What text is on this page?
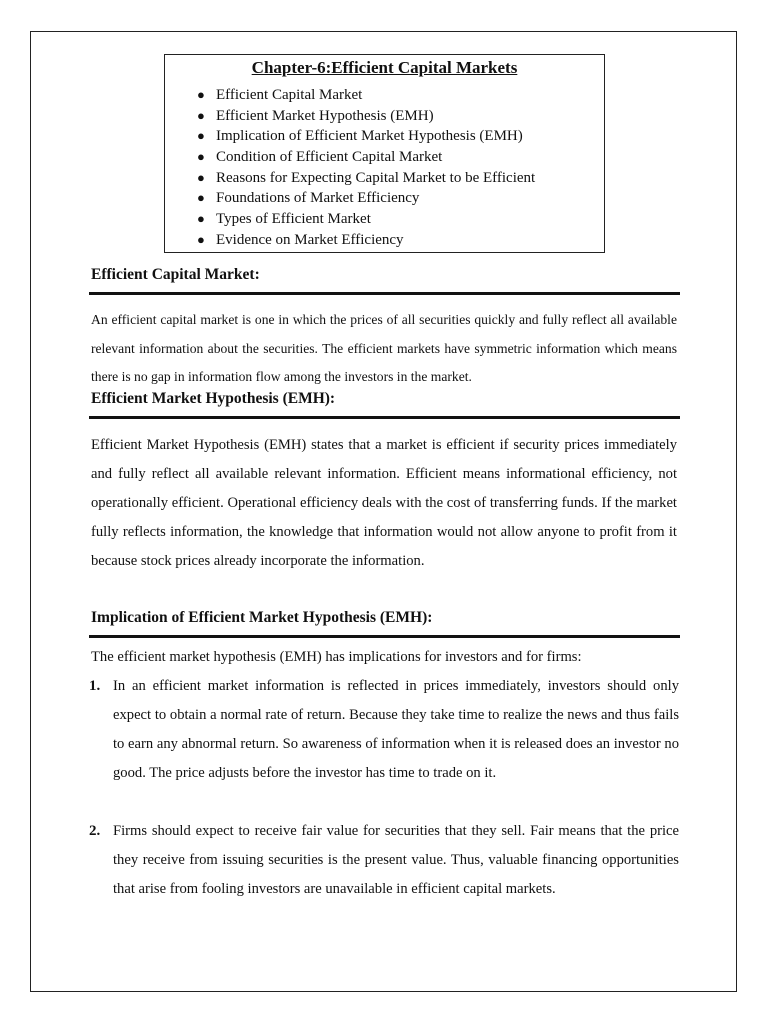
Chapter-6:Efficient Capital Markets
● Efficient Capital Market
● Efficient Market Hypothesis (EMH)
● Implication of Efficient Market Hypothesis (EMH)
● Condition of Efficient Capital Market
● Reasons for Expecting Capital Market to be Efficient
● Foundations of Market Efficiency
● Types of Efficient Market
● Evidence on Market Efficiency
Efficient Capital Market:

An efficient capital market is one in which the prices of all securities quickly and fully reflect all available relevant information about the securities. The efficient markets have symmetric information which means there is no gap in information flow among the investors in the market.

Efficient Market Hypothesis (EMH):

Efficient Market Hypothesis (EMH) states that a market is efficient if security prices immediately and fully reflect all available relevant information. Efficient means informational efficiency, not operationally efficient. Operational efficiency deals with the cost of transferring funds. If the market fully reflects information, the knowledge that information would not allow anyone to profit from it because stock prices already incorporate the information.

Implication of Efficient Market Hypothesis (EMH):

The efficient market hypothesis (EMH) has implications for investors and for firms:

1. In an efficient market information is reflected in prices immediately, investors should only expect to obtain a normal rate of return. Because they take time to realize the news and thus fails to earn any abnormal return. So awareness of information when it is released does an investor no good. The price adjusts before the investor has time to trade on it.

2. Firms should expect to receive fair value for securities that they sell. Fair means that the price they receive from issuing securities is the present value. Thus, valuable financing opportunities that arise from fooling investors are unavailable in efficient capital markets.
